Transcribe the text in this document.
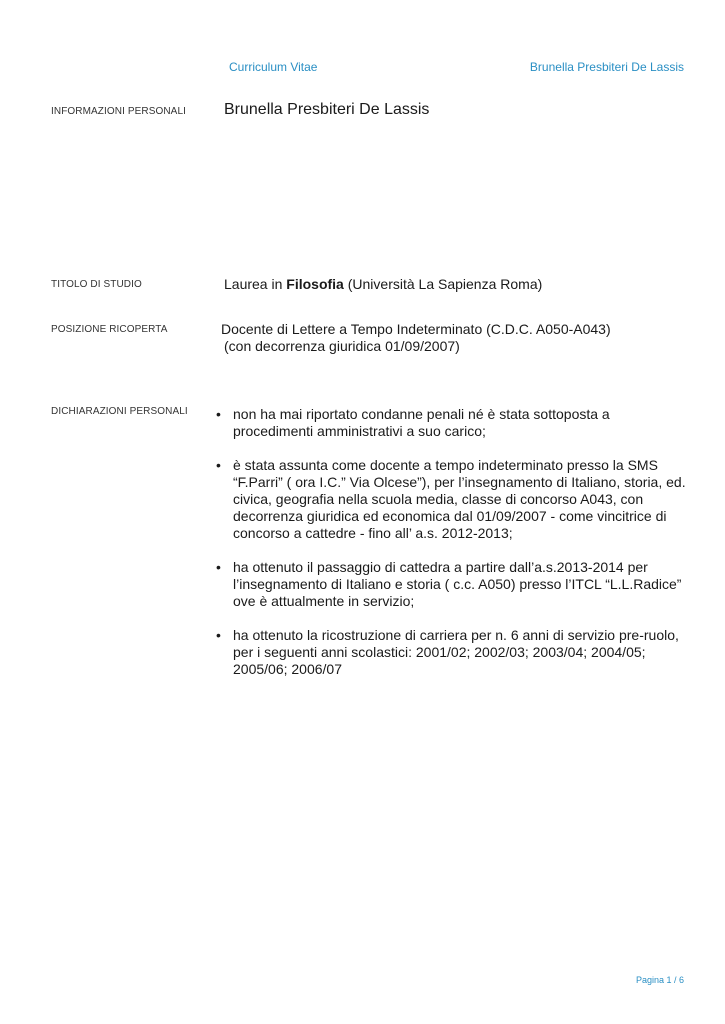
Curriculum Vitae	Brunella Presbiteri De Lassis
INFORMAZIONI PERSONALI Brunella Presbiteri De Lassis
TITOLO DI STUDIO	Laurea in Filosofia (Università La Sapienza Roma)
POSIZIONE RICOPERTA	Docente di Lettere a Tempo Indeterminato (C.D.C. A050-A043)
(con decorrenza giuridica 01/09/2007)
DICHIARAZIONI PERSONALI • non ha mai riportato condanne penali né è stata sottoposta a
procedimenti amministrativi a suo carico;
• è stata assunta come docente a tempo indeterminato presso la SMS
“F.Parri” ( ora I.C.” Via Olcese”), per l’insegnamento di Italiano, storia, ed.
civica, geografia nella scuola media, classe di concorso A043, con
decorrenza giuridica ed economica dal 01/09/2007 - come vincitrice di
concorso a cattedre - fino all’ a.s. 2012-2013;
• ha ottenuto il passaggio di cattedra a partire dall’a.s.2013-2014 per
l’insegnamento di Italiano e storia ( c.c. A050) presso l’ITCL “L.L.Radice”
ove è attualmente in servizio;
• ha ottenuto la ricostruzione di carriera per n. 6 anni di servizio pre-ruolo,
per i seguenti anni scolastici: 2001/02; 2002/03; 2003/04; 2004/05;
2005/06; 2006/07
Pagina 1 / 6
